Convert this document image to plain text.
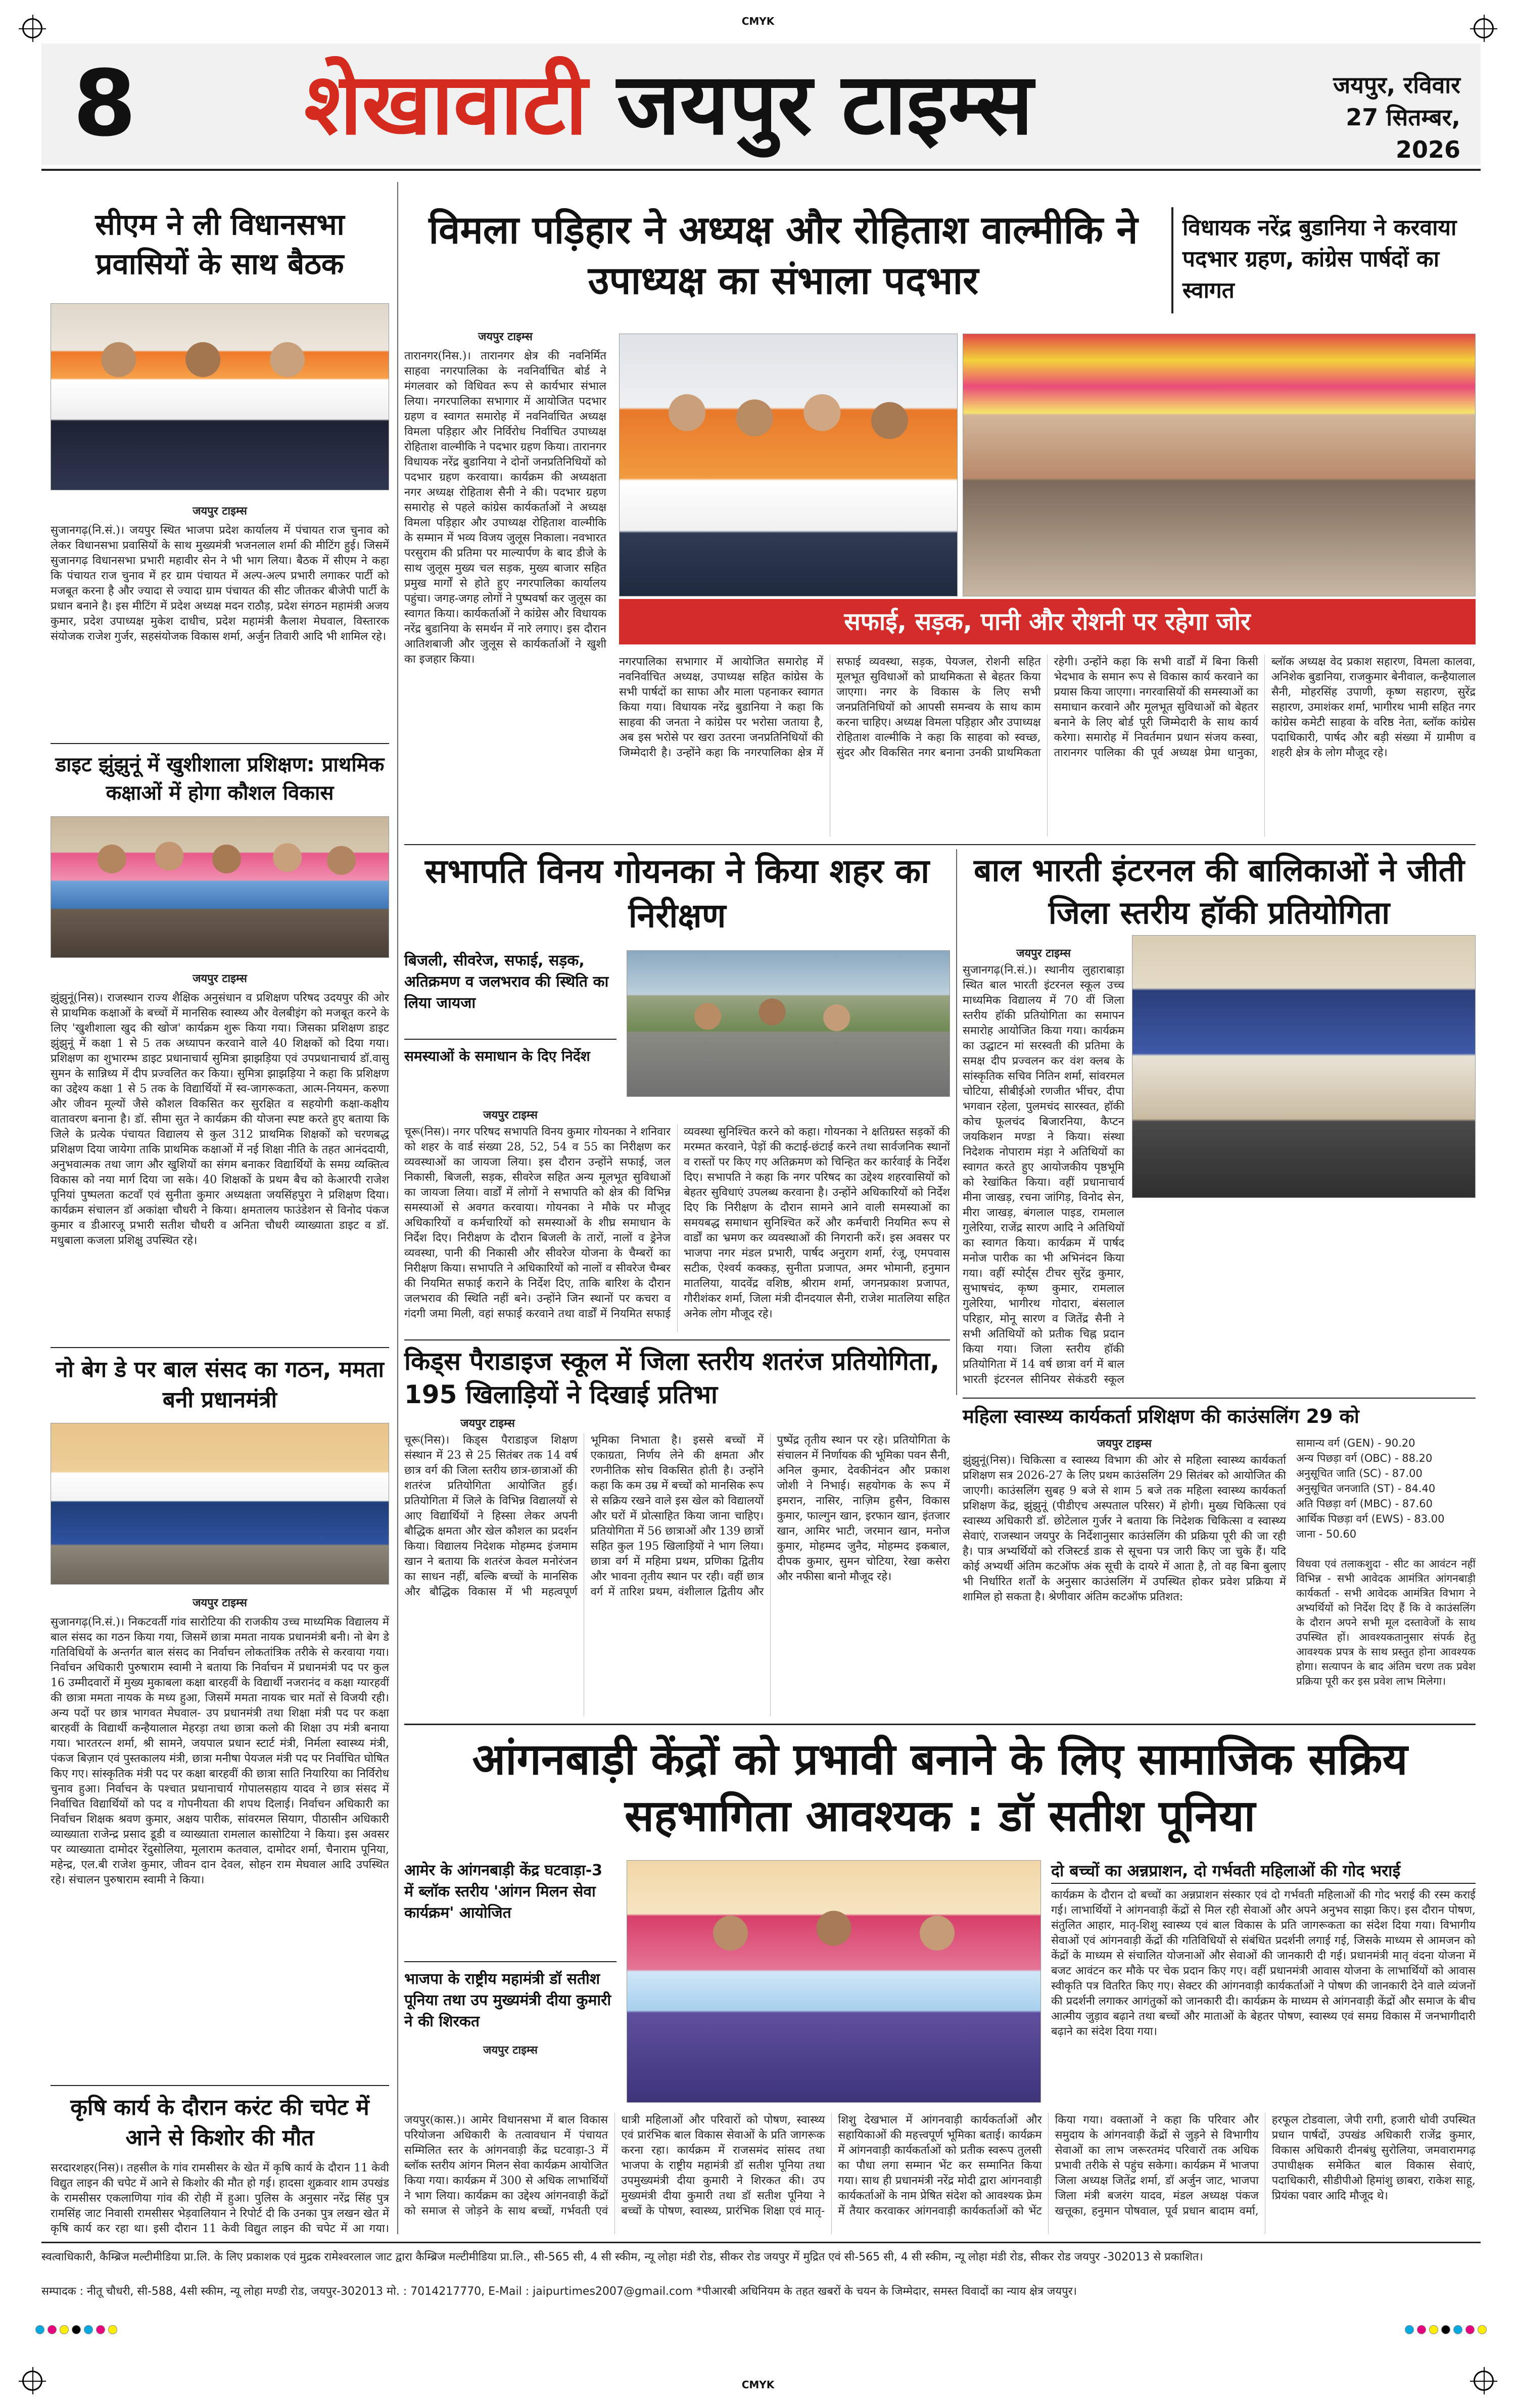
CMYK
CMYK
8	शेखावाटी जयपुर टाइम्स	जयपुर, रविवार
27 सितम्बर, 2026
सीएम ने ली विधानसभा प्रवासियों के साथ बैठक
जयपुर टाइम्स
सुजानगढ़(नि.सं.)। जयपुर स्थित भाजपा प्रदेश कार्यालय में पंचायत राज चुनाव को लेकर विधानसभा प्रवासियों के साथ मुख्यमंत्री भजनलाल शर्मा की मीटिंग हुई। जिसमें सुजानगढ़ विधानसभा प्रभारी महावीर सेन ने भी भाग लिया। बैठक में सीएम ने कहा कि पंचायत राज चुनाव में हर ग्राम पंचायत में अल्प-अल्प प्रभारी लगाकर पार्टी को मजबूत करना है और ज्यादा से ज्यादा ग्राम पंचायत की सीट जीतकर बीजेपी पार्टी के प्रधान बनाने है। इस मीटिंग में प्रदेश अध्यक्ष मदन राठौड़, प्रदेश संगठन महामंत्री अजय कुमार, प्रदेश उपाध्यक्ष मुकेश दाधीच, प्रदेश महामंत्री कैलाश मेघवाल, विस्तारक संयोजक राजेश गुर्जर, सहसंयोजक विकास शर्मा, अर्जुन तिवारी आदि भी शामिल रहे।
डाइट झुंझुनूं में खुशीशाला प्रशिक्षण: प्राथमिक कक्षाओं में होगा कौशल विकास
जयपुर टाइम्स
झुंझुनूं(निस)। राजस्थान राज्य शैक्षिक अनुसंधान व प्रशिक्षण परिषद उदयपुर की ओर से प्राथमिक कक्षाओं के बच्चों में मानसिक स्वास्थ्य और वेलबीइंग को मजबूत करने के लिए 'खुशीशाला खुद की खोज' कार्यक्रम शुरू किया गया। जिसका प्रशिक्षण डाइट झुंझुनूं में कक्षा 1 से 5 तक अध्यापन करवाने वाले 40 शिक्षकों को दिया गया। प्रशिक्षण का शुभारम्भ डाइट प्रधानाचार्य सुमित्रा झाझड़िया एवं उपप्रधानाचार्य डॉ.वासु सुमन के सान्निध्य में दीप प्रज्वलित कर किया। सुमित्रा झाझड़िया ने कहा कि प्रशिक्षण का उद्देश्य कक्षा 1 से 5 तक के विद्यार्थियों में स्व-जागरूकता, आत्म-नियमन, करुणा और जीवन मूल्यों जैसे कौशल विकसित कर सुरक्षित व सहयोगी कक्षा-कक्षीय वातावरण बनाना है। डॉ. सीमा सुत ने कार्यक्रम की योजना स्पष्ट करते हुए बताया कि जिले के प्रत्येक पंचायत विद्यालय से कुल 312 प्राथमिक शिक्षकों को चरणबद्ध प्रशिक्षण दिया जायेगा ताकि प्राथमिक कक्षाओं में नई शिक्षा नीति के तहत आनंददायी, अनुभवात्मक तथा जाग और खुशियों का संगम बनाकर विद्यार्थियों के समग्र व्यक्तित्व विकास को नया मार्ग दिया जा सके। 40 शिक्षकों के प्रथम बैच को केआरपी राजेश पूनियां पुष्पलता कटवाँ एवं सुनीता कुमार अध्यक्षता जयसिंहपुरा ने प्रशिक्षण दिया। कार्यक्रम संचालन डॉ अकांक्षा चौधरी ने किया। क्षमतालय फाउंडेशन से विनोद पंकज कुमार व डीआरजू प्रभारी सतीश चौधरी व अनिता चौधरी व्याख्याता डाइट व डॉ. मधुबाला कजला प्रशिक्षु उपस्थित रहे।
नो बेग डे पर बाल संसद का गठन, ममता बनी प्रधानमंत्री
जयपुर टाइम्स
सुजानगढ़(नि.सं.)। निकटवर्ती गांव सारोटिया की राजकीय उच्च माध्यमिक विद्यालय में बाल संसद का गठन किया गया, जिसमें छात्रा ममता नायक प्रधानमंत्री बनी। नो बेग डे गतिविधियों के अन्तर्गत बाल संसद का निर्वाचन लोकतांत्रिक तरीके से करवाया गया। निर्वाचन अधिकारी पुरुषाराम स्वामी ने बताया कि निर्वाचन में प्रधानमंत्री पद पर कुल 16 उम्मीदवारों में मुख्य मुकाबला कक्षा बारहवीं के विद्यार्थी नजरानंद व कक्षा ग्यारहवीं की छात्रा ममता नायक के मध्य हुआ, जिसमें ममता नायक चार मतों से विजयी रही। अन्य पदों पर छात्र भागवत मेघवाल- उप प्रधानमंत्री तथा शिक्षा मंत्री पद पर कक्षा बारहवीं के विद्यार्थी कन्हैयालाल मेहरड़ा तथा छात्रा कलो की शिक्षा उप मंत्री बनाया गया। भारतरत्न शर्मा, श्री सामने, जयपाल प्रधान स्टार्ट मंत्री, निर्मला स्वास्थ्य मंत्री, पंकज बिज़ान एवं पुस्तकालय मंत्री, छात्रा मनीषा पेयजल मंत्री पद पर निर्वाचित घोषित किए गए। सांस्कृतिक मंत्री पद पर कक्षा बारहवीं की छात्रा साति नियारिया का निर्विरोध चुनाव हुआ। निर्वाचन के पश्चात प्रधानाचार्य गोपालसहाय यादव ने छात्र संसद में निर्वाचित विद्यार्थियों को पद व गोपनीयता की शपथ दिलाई। निर्वाचन अधिकारी का निर्वाचन शिक्षक श्रवण कुमार, अक्षय पारीक, सांवरमल सियाग, पीठासीन अधिकारी व्याख्याता राजेन्द्र प्रसाद डूडी व व्याख्याता रामलाल कासोटिया ने किया। इस अवसर पर व्याख्याता दामोदर रेंदुसोलिया, मूलाराम कतवाल, दामोदर शर्मा, चैनाराम पूनिया, महेन्द्र, एल.बी राजेश कुमार, जीवन दान देवल, सोहन राम मेघवाल आदि उपस्थित रहे। संचालन पुरुषाराम स्वामी ने किया।
कृषि कार्य के दौरान करंट की चपेट में आने से किशोर की मौत
सरदारशहर(निस)। तहसील के गांव रामसीसर के खेत में कृषि कार्य के दौरान 11 केवी विद्युत लाइन की चपेट में आने से किशोर की मौत हो गई। हादसा शुक्रवार शाम उपखंड के रामसीसर एकलाणिया गांव की रोही में हुआ। पुलिस के अनुसार नरेंद्र सिंह पुत्र रामसिंह जाट निवासी रामसीसर भेड़वालियान ने रिपोर्ट दी कि उनका पुत्र लखन खेत में कृषि कार्य कर रहा था। इसी दौरान 11 केवी विद्युत लाइन की चपेट में आ गया।
विमला पड़िहार ने अध्यक्ष और रोहिताश वाल्मीकि ने उपाध्यक्ष का संभाला पदभार
विधायक नरेंद्र बुडानिया ने करवाया पदभार ग्रहण, कांग्रेस पार्षदों का स्वागत
जयपुर टाइम्स
तारानगर(निस.)। तारानगर क्षेत्र की नवनिर्मित साहवा नगरपालिका के नवनिर्वाचित बोर्ड ने मंगलवार को विधिवत रूप से कार्यभार संभाल लिया। नगरपालिका सभागार में आयोजित पदभार ग्रहण व स्वागत समारोह में नवनिर्वाचित अध्यक्ष विमला पड़िहार और निर्विरोध निर्वाचित उपाध्यक्ष रोहिताश वाल्मीकि ने पदभार ग्रहण किया। तारानगर विधायक नरेंद्र बुडानिया ने दोनों जनप्रतिनिधियों को पदभार ग्रहण करवाया। कार्यक्रम की अध्यक्षता नगर अध्यक्ष रोहिताश सैनी ने की। पदभार ग्रहण समारोह से पहले कांग्रेस कार्यकर्ताओं ने अध्यक्ष विमला पड़िहार और उपाध्यक्ष रोहिताश वाल्मीकि के सम्मान में भव्य विजय जुलूस निकाला। नवभारत परसुराम की प्रतिमा पर माल्यार्पण के बाद डीजे के साथ जुलूस मुख्य चल सड़क, मुख्य बाजार सहित प्रमुख मार्गों से होते हुए नगरपालिका कार्यालय पहुंचा। जगह-जगह लोगों ने पुष्पवर्षा कर जुलूस का स्वागत किया। कार्यकर्ताओं ने कांग्रेस और विधायक नरेंद्र बुडानिया के समर्थन में नारे लगाए। इस दौरान आतिशबाजी और जुलूस से कार्यकर्ताओं ने खुशी का इजहार किया।
सफाई, सड़क, पानी और रोशनी पर रहेगा जोर
नगरपालिका सभागार में आयोजित समारोह में नवनिर्वाचित अध्यक्ष, उपाध्यक्ष सहित कांग्रेस के सभी पार्षदों का साफा और माला पहनाकर स्वागत किया गया। विधायक नरेंद्र बुडानिया ने कहा कि साहवा की जनता ने कांग्रेस पर भरोसा जताया है, अब इस भरोसे पर खरा उतरना जनप्रतिनिधियों की जिम्मेदारी है। उन्होंने कहा कि नगरपालिका क्षेत्र में सफाई व्यवस्था, सड़क, पेयजल, रोशनी सहित मूलभूत सुविधाओं को प्राथमिकता से बेहतर किया जाएगा। नगर के विकास के लिए सभी जनप्रतिनिधियों को आपसी समन्वय के साथ काम करना चाहिए। अध्यक्ष विमला पड़िहार और उपाध्यक्ष रोहिताश वाल्मीकि ने कहा कि साहवा को स्वच्छ, सुंदर और विकसित नगर बनाना उनकी प्राथमिकता रहेगी। उन्होंने कहा कि सभी वार्डों में बिना किसी भेदभाव के समान रूप से विकास कार्य करवाने का प्रयास किया जाएगा। नगरवासियों की समस्याओं का समाधान करवाने और मूलभूत सुविधाओं को बेहतर बनाने के लिए बोर्ड पूरी जिम्मेदारी के साथ कार्य करेगा। समारोह में निवर्तमान प्रधान संजय कस्वा, तारानगर पालिका की पूर्व अध्यक्ष प्रेमा धानुका, ब्लॉक अध्यक्ष वेद प्रकाश सहारण, विमला कालवा, अनिशेक बुडानिया, राजकुमार बेनीवाल, कन्हैयालाल सैनी, मोहरसिंह उपाणी, कृष्ण सहारण, सुरेंद्र सहारण, उमाशंकर शर्मा, भागीरथ भामी सहित नगर कांग्रेस कमेटी साहवा के वरिष्ठ नेता, ब्लॉक कांग्रेस पदाधिकारी, पार्षद और बड़ी संख्या में ग्रामीण व शहरी क्षेत्र के लोग मौजूद रहे।
सभापति विनय गोयनका ने किया शहर का निरीक्षण
बिजली, सीवरेज, सफाई, सड़क, अतिक्रमण व जलभराव की स्थिति का लिया जायजा
समस्याओं के समाधान के दिए निर्देश
जयपुर टाइम्स
चूरू(निस)। नगर परिषद सभापति विनय कुमार गोयनका ने शनिवार को शहर के वार्ड संख्या 28, 52, 54 व 55 का निरीक्षण कर व्यवस्थाओं का जायजा लिया। इस दौरान उन्होंने सफाई, जल निकासी, बिजली, सड़क, सीवरेज सहित अन्य मूलभूत सुविधाओं का जायजा लिया। वार्डों में लोगों ने सभापति को क्षेत्र की विभिन्न समस्याओं से अवगत करवाया। गोयनका ने मौके पर मौजूद अधिकारियों व कर्मचारियों को समस्याओं के शीघ्र समाधान के निर्देश दिए। निरीक्षण के दौरान बिजली के तारों, नालों व ड्रेनेज व्यवस्था, पानी की निकासी और सीवरेज योजना के चैम्बरों का निरीक्षण किया। सभापति ने अधिकारियों को नालों व सीवरेज चैम्बर की नियमित सफाई कराने के निर्देश दिए, ताकि बारिश के दौरान जलभराव की स्थिति नहीं बने। उन्होंने जिन स्थानों पर कचरा व गंदगी जमा मिली, वहां सफाई करवाने तथा वार्डों में नियमित सफाई व्यवस्था सुनिश्चित करने को कहा। गोयनका ने क्षतिग्रस्त सड़कों की मरम्मत करवाने, पेड़ों की कटाई-छंटाई करने तथा सार्वजनिक स्थानों व रास्तों पर किए गए अतिक्रमण को चिन्हित कर कार्रवाई के निर्देश दिए। सभापति ने कहा कि नगर परिषद का उद्देश्य शहरवासियों को बेहतर सुविधाएं उपलब्ध करवाना है। उन्होंने अधिकारियों को निर्देश दिए कि निरीक्षण के दौरान सामने आने वाली समस्याओं का समयबद्ध समाधान सुनिश्चित करें और कर्मचारी नियमित रूप से वार्डों का भ्रमण कर व्यवस्थाओं की निगरानी करें। इस अवसर पर भाजपा नगर मंडल प्रभारी, पार्षद अनुराग शर्मा, रंजू, एमपवास सटीक, ऐश्वर्य कक्कड़, सुनीता प्रजापत, अमर भोमानी, हनुमान मातलिया, यादवेंद्र वशिष्ठ, श्रीराम शर्मा, जगनप्रकाश प्रजापत, गौरीशंकर शर्मा, जिला मंत्री दीनदयाल सैनी, राजेश मातलिया सहित अनेक लोग मौजूद रहे।
बाल भारती इंटरनल की बालिकाओं ने जीती जिला स्तरीय हॉकी प्रतियोगिता
जयपुर टाइम्स
सुजानगढ़(नि.सं.)। स्थानीय लुहाराबाड़ा स्थित बाल भारती इंटरनल स्कूल उच्च माध्यमिक विद्यालय में 70 वीं जिला स्तरीय हॉकी प्रतियोगिता का समापन समारोह आयोजित किया गया। कार्यक्रम का उद्घाटन मां सरस्वती की प्रतिमा के समक्ष दीप प्रज्वलन कर वंश क्लब के सांस्कृतिक सचिव नितिन शर्मा, सांवरमल चोटिया, सीबीईओ रणजीत भींचर, दीपा भगवान रहेला, पुलमचंद सारस्वत, हॉकी कोच फूलचंद बिजारनिया, कैप्टन जयकिशन मण्डा ने किया। संस्था निदेशक नोपाराम मंड़ा ने अतिथियों का स्वागत करते हुए आयोजकीय पृष्ठभूमि को रेखांकित किया। वहीं प्रधानाचार्य मीना जाखड़, रचना जांगिड़, विनोद सेन, मीरा जाखड़, बंगलाल पाइड, रामलाल गुलेरिया, राजेंद्र सारण आदि ने अतिथियों का स्वागत किया। कार्यक्रम में पार्षद मनोज पारीक का भी अभिनंदन किया गया। वहीं स्पोर्ट्स टीचर सुरेंद्र कुमार, सुभाषचंद, कृष्ण कुमार, रामलाल गुलेरिया, भागीरथ गोदारा, बंसलाल परिहार, मोनू सारण व जितेंद्र सैनी ने सभी अतिथियों को प्रतीक चिह्न प्रदान किया गया। जिला स्तरीय हॉकी प्रतियोगिता में 14 वर्ष छात्रा वर्ग में बाल भारती इंटरनल सीनियर सेकंडरी स्कूल
किड्स पैराडाइज स्कूल में जिला स्तरीय शतरंज प्रतियोगिता, 195 खिलाड़ियों ने दिखाई प्रतिभा
जयपुर टाइम्स
चूरू(निस)। किड्स पैराडाइज शिक्षण संस्थान में 23 से 25 सितंबर तक 14 वर्ष छात्र वर्ग की जिला स्तरीय छात्र-छात्राओं की शतरंज प्रतियोगिता आयोजित हुई। प्रतियोगिता में जिले के विभिन्न विद्यालयों से आए विद्यार्थियों ने हिस्सा लेकर अपनी बौद्धिक क्षमता और खेल कौशल का प्रदर्शन किया। विद्यालय निदेशक मोहम्मद इंजमाम खान ने बताया कि शतरंज केवल मनोरंजन का साधन नहीं, बल्कि बच्चों के मानसिक और बौद्धिक विकास में भी महत्वपूर्ण भूमिका निभाता है। इससे बच्चों में एकाग्रता, निर्णय लेने की क्षमता और रणनीतिक सोच विकसित होती है। उन्होंने कहा कि कम उम्र में बच्चों को मानसिक रूप से सक्रिय रखने वाले इस खेल को विद्यालयों और घरों में प्रोत्साहित किया जाना चाहिए। प्रतियोगिता में 56 छात्राओं और 139 छात्रों सहित कुल 195 खिलाड़ियों ने भाग लिया। छात्रा वर्ग में महिमा प्रथम, प्रणिका द्वितीय और भावना तृतीय स्थान पर रही। वहीं छात्र वर्ग में तारिश प्रथम, वंशीलाल द्वितीय और पुष्पेंद्र तृतीय स्थान पर रहे। प्रतियोगिता के संचालन में निर्णायक की भूमिका पवन सैनी, अनिल कुमार, देवकीनंदन और प्रकाश जोशी ने निभाई। सहयोगक के रूप में इमरान, नासिर, नाज़िम हुसैन, विकास कुमार, फाल्गुन खान, इरफान खान, इंतजार खान, आमिर भाटी, जरमान खान, मनोज कुमार, मोहम्मद जुनैद, मोहम्मद इकबाल, दीपक कुमार, सुमन चोटिया, रेखा कसेरा और नफीसा बानो मौजूद रहे।
महिला स्वास्थ्य कार्यकर्ता प्रशिक्षण की काउंसलिंग 29 को
जयपुर टाइम्स
झुंझुनूं(निस)। चिकित्सा व स्वास्थ्य विभाग की ओर से महिला स्वास्थ्य कार्यकर्ता प्रशिक्षण सत्र 2026-27 के लिए प्रथम काउंसलिंग 29 सितंबर को आयोजित की जाएगी। काउंसलिंग सुबह 9 बजे से शाम 5 बजे तक महिला स्वास्थ्य कार्यकर्ता प्रशिक्षण केंद्र, झुंझुनूं (पीडीएच अस्पताल परिसर) में होगी। मुख्य चिकित्सा एवं स्वास्थ्य अधिकारी डॉ. छोटेलाल गुर्जर ने बताया कि निदेशक चिकित्सा व स्वास्थ्य सेवाएं, राजस्थान जयपुर के निर्देशानुसार काउंसलिंग की प्रक्रिया पूरी की जा रही है। पात्र अभ्यर्थियों को रजिस्टर्ड डाक से सूचना पत्र जारी किए जा चुके हैं। यदि कोई अभ्यर्थी अंतिम कटऑफ अंक सूची के दायरे में आता है, तो वह बिना बुलाए भी निर्धारित शर्तों के अनुसार काउंसलिंग में उपस्थित होकर प्रवेश प्रक्रिया में शामिल हो सकता है। श्रेणीवार अंतिम कटऑफ प्रतिशत:
सामान्य वर्ग (GEN) - 90.20
अन्य पिछड़ा वर्ग (OBC) - 88.20
अनुसूचित जाति (SC) - 87.00
अनुसूचित जनजाति (ST) - 84.40
अति पिछड़ा वर्ग (MBC) - 87.60
आर्थिक पिछड़ा वर्ग (EWS) - 83.00
जाना - 50.60
विधवा एवं तलाकशुदा - सीट का आवंटन नहीं विभिन्न - सभी आवेदक आमंत्रित आंगनबाड़ी कार्यकर्ता - सभी आवेदक आमंत्रित विभाग ने अभ्यर्थियों को निर्देश दिए हैं कि वे काउंसलिंग के दौरान अपने सभी मूल दस्तावेजों के साथ उपस्थित हों। आवश्यकतानुसार संपर्क हेतु आवश्यक प्रपत्र के साथ प्रस्तुत होना आवश्यक होगा। सत्यापन के बाद अंतिम चरण तक प्रवेश प्रक्रिया पूरी कर इस प्रवेश लाभ मिलेगा।
आंगनबाड़ी केंद्रों को प्रभावी बनाने के लिए सामाजिक सक्रिय सहभागिता आवश्यक : डॉ सतीश पूनिया
आमेर के आंगनबाड़ी केंद्र घटवाड़ा-3 में ब्लॉक स्तरीय 'आंगन मिलन सेवा कार्यक्रम' आयोजित
भाजपा के राष्ट्रीय महामंत्री डॉ सतीश पूनिया तथा उप मुख्यमंत्री दीया कुमारी ने की शिरकत
दो बच्चों का अन्नप्राशन, दो गर्भवती महिलाओं की गोद भराई
कार्यक्रम के दौरान दो बच्चों का अन्नप्राशन संस्कार एवं दो गर्भवती महिलाओं की गोद भराई की रस्म कराई गई। लाभार्थियों ने आंगनवाड़ी केंद्रों से मिल रही सेवाओं और अपने अनुभव साझा किए। इस दौरान पोषण, संतुलित आहार, मातृ-शिशु स्वास्थ्य एवं बाल विकास के प्रति जागरूकता का संदेश दिया गया। विभागीय सेवाओं एवं आंगनवाड़ी केंद्रों की गतिविधियों से संबंधित प्रदर्शनी लगाई गई, जिसके माध्यम से आमजन को केंद्रों के माध्यम से संचालित योजनाओं और सेवाओं की जानकारी दी गई। प्रधानमंत्री मातृ वंदना योजना में बजट आवंटन कर मौके पर चेक प्रदान किए गए। वहीं प्रधानमंत्री आवास योजना के लाभार्थियों को आवास स्वीकृति पत्र वितरित किए गए। सेक्टर की आंगनवाड़ी कार्यकर्ताओं ने पोषण की जानकारी देने वाले व्यंजनों की प्रदर्शनी लगाकर आगंतुकों को जानकारी दी। कार्यक्रम के माध्यम से आंगनवाड़ी केंद्रों और समाज के बीच आत्मीय जुड़ाव बढ़ाने तथा बच्चों और माताओं के बेहतर पोषण, स्वास्थ्य एवं समग्र विकास में जनभागीदारी बढ़ाने का संदेश दिया गया।
जयपुर टाइम्स
जयपुर(कास.)। आमेर विधानसभा में बाल विकास परियोजना अधिकारी के तत्वावधान में पंचायत सम्मिलित स्तर के आंगनवाड़ी केंद्र घटवाड़ा-3 में ब्लॉक स्तरीय आंगन मिलन सेवा कार्यक्रम आयोजित किया गया। कार्यक्रम में 300 से अधिक लाभार्थियों ने भाग लिया। कार्यक्रम का उद्देश्य आंगनवाड़ी केंद्रों को समाज से जोड़ने के साथ बच्चों, गर्भवती एवं धात्री महिलाओं और परिवारों को पोषण, स्वास्थ्य एवं प्रारंभिक बाल विकास सेवाओं के प्रति जागरूक करना रहा। कार्यक्रम में राजसमंद सांसद तथा भाजपा के राष्ट्रीय महामंत्री डॉ सतीश पूनिया तथा उपमुख्यमंत्री दीया कुमारी ने शिरकत की। उप मुख्यमंत्री दीया कुमारी तथा डॉ सतीश पूनिया ने बच्चों के पोषण, स्वास्थ्य, प्रारंभिक शिक्षा एवं मातृ-शिशु देखभाल में आंगनवाड़ी कार्यकर्ताओं और सहायिकाओं की महत्त्वपूर्ण भूमिका बताई। कार्यक्रम में आंगनवाड़ी कार्यकर्ताओं को प्रतीक स्वरूप तुलसी का पौधा लगा सम्मान भेंट कर सम्मानित किया गया। साथ ही प्रधानमंत्री नरेंद्र मोदी द्वारा आंगनवाड़ी कार्यकर्ताओं के नाम प्रेषित संदेश को आवश्यक फ्रेम में तैयार करवाकर आंगनवाड़ी कार्यकर्ताओं को भेंट किया गया। वक्ताओं ने कहा कि परिवार और समुदाय के आंगनवाड़ी केंद्रों से जुड़ने से विभागीय सेवाओं का लाभ जरूरतमंद परिवारों तक अधिक प्रभावी तरीके से पहुंच सकेगा। कार्यक्रम में भाजपा जिला अध्यक्ष जितेंद्र शर्मा, डॉ अर्जुन जाट, भाजपा जिला मंत्री बजरंग यादव, मंडल अध्यक्ष पंकज खत्तूका, हनुमान पोषवाल, पूर्व प्रधान बादाम वर्मा, हरफूल टोडवाला, जेपी रागी, हजारी धोवी उपस्थित प्रधान पार्षदों, उपखंड अधिकारी राजेंद्र कुमार, विकास अधिकारी दीनबंधु सुरोलिया, जमवारामगढ़ उपाधीक्षक समेकित बाल विकास सेवाएं, पदाधिकारी, सीडीपीओ हिमांशु छाबरा, राकेश साहू, प्रियंका पवार आदि मौजूद थे।
स्वत्वाधिकारी, कैम्ब्रिज मल्टीमीडिया प्रा.लि. के लिए प्रकाशक एवं मुद्रक रामेश्वरलाल जाट द्वारा कैम्ब्रिज मल्टीमीडिया प्रा.लि., सी-565 सी, 4 सी स्कीम, न्यू लोहा मंडी रोड, सीकर रोड जयपुर में मुद्रित एवं सी-565 सी, 4 सी स्कीम, न्यू लोहा मंडी रोड, सीकर रोड जयपुर -302013 से प्रकाशित।
सम्पादक : नीतू चौधरी, सी-588, 4सी स्कीम, न्यू लोहा मण्डी रोड, जयपुर-302013 मो. : 7014217770, E-Mail : jaipurtimes2007@gmail.com *पीआरबी अधिनियम के तहत खबरों के चयन के जिम्मेदार, समस्त विवादों का न्याय क्षेत्र जयपुर।
